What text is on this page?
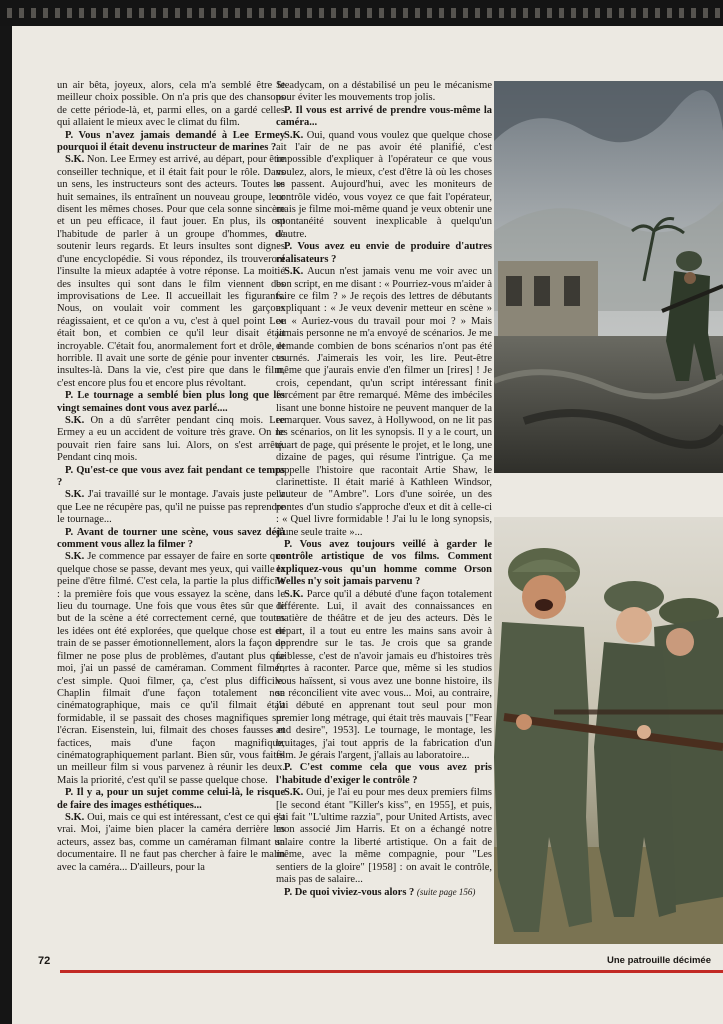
un air bêta, joyeux, alors, cela m'a semblé être le meilleur choix possible. On n'a pris que des chansons de cette période-là, et, parmi elles, on a gardé celles qui allaient le mieux avec le climat du film.

P. Vous n'avez jamais demandé à Lee Ermey pourquoi il était devenu instructeur de marines ?

S.K. Non. Lee Ermey est arrivé, au départ, pour être conseiller technique, et il était fait pour le rôle. Dans un sens, les instructeurs sont des acteurs. Toutes les huit semaines, ils entraînent un nouveau groupe, leur disent les mêmes choses. Pour que cela sonne sincère et un peu efficace, il faut jouer. En plus, ils ont l'habitude de parler à un groupe d'hommes, de soutenir leurs regards. Et leurs insultes sont dignes d'une encyclopédie. Si vous répondez, ils trouveront l'insulte la mieux adaptée à votre réponse. La moitié des insultes qui sont dans le film viennent des improvisations de Lee. Il accueillait les figurants. Nous, on voulait voir comment les garçons réagissaient, et ce qu'on a vu, c'est à quel point Lee était bon, et combien ce qu'il leur disait était incroyable. C'était fou, anormalement fort et drôle, et horrible. Il avait une sorte de génie pour inventer ces insultes-là. Dans la vie, c'est pire que dans le film, c'est encore plus fou et encore plus révoltant.

P. Le tournage a semblé bien plus long que les vingt semaines dont vous avez parlé....

S.K. On a dû s'arrêter pendant cinq mois. Lee Ermey a eu un accident de voiture très grave. On ne pouvait rien faire sans lui. Alors, on s'est arrêté. Pendant cinq mois.

P. Qu'est-ce que vous avez fait pendant ce temps ?

S.K. J'ai travaillé sur le montage. J'avais juste peur que Lee ne récupère pas, qu'il ne puisse pas reprendre le tournage...

P. Avant de tourner une scène, vous savez déjà comment vous allez la filmer ?

S.K. Je commence par essayer de faire en sorte que quelque chose se passe, devant mes yeux, qui vaille la peine d'être filmé. C'est cela, la partie la plus difficile : la première fois que vous essayez la scène, dans le lieu du tournage. Une fois que vous êtes sûr que le but de la scène a été correctement cerné, que toutes les idées ont été explorées, que quelque chose est en train de se passer émotionnellement, alors la façon de filmer ne pose plus de problèmes, d'autant plus que moi, j'ai un passé de caméraman. Comment filmer, c'est simple. Quoi filmer, ça, c'est plus difficile. Chaplin filmait d'une façon totalement non cinématographique, mais ce qu'il filmait était formidable, il se passait des choses magnifiques sur l'écran. Eisenstein, lui, filmait des choses fausses et factices, mais d'une façon magnifique, cinématographiquement parlant. Bien sûr, vous faites un meilleur film si vous parvenez à réunir les deux. Mais la priorité, c'est qu'il se passe quelque chose.

P. Il y a, pour un sujet comme celui-là, le risque de faire des images esthétiques...

S.K. Oui, mais ce qui est intéressant, c'est ce qui est vrai. Moi, j'aime bien placer la caméra derrière les acteurs, assez bas, comme un caméraman filmant un documentaire. Il ne faut pas chercher à faire le malin avec la caméra... D'ailleurs, pour la

Steadycam, on a déstabilisé un peu le mécanisme pour éviter les mouvements trop jolis.

P. Il vous est arrivé de prendre vous-même la caméra...

S.K. Oui, quand vous voulez que quelque chose ait l'air de ne pas avoir été planifié, c'est impossible d'expliquer à l'opérateur ce que vous voulez, alors, le mieux, c'est d'être là où les choses se passent. Aujourd'hui, avec les moniteurs de contrôle vidéo, vous voyez ce que fait l'opérateur, mais je filme moi-même quand je veux obtenir une spontanéité souvent inexplicable à quelqu'un d'autre.

P. Vous avez eu envie de produire d'autres réalisateurs ?

S.K. Aucun n'est jamais venu me voir avec un bon script, en me disant : « Pourriez-vous m'aider à faire ce film ? » Je reçois des lettres de débutants expliquant : « Je veux devenir metteur en scène » ou « Auriez-vous du travail pour moi ? » Mais jamais personne ne m'a envoyé de scénarios. Je me demande combien de bons scénarios n'ont pas été tournés. J'aimerais les voir, les lire. Peut-être même que j'aurais envie d'en filmer un [rires] ! Je crois, cependant, qu'un script intéressant finit forcément par être remarqué. Même des imbéciles lisant une bonne histoire ne peuvent manquer de la remarquer. Vous savez, à Hollywood, on ne lit pas les scénarios, on lit les synopsis. Il y a le court, un quart de page, qui présente le projet, et le long, une dizaine de pages, qui résume l'intrigue. Ça me rappelle l'histoire que racontait Artie Shaw, le clarinettiste. Il était marié à Kathleen Windsor, l'auteur de "Ambre". Lors d'une soirée, un des pontes d'un studio s'approche d'eux et dit à celle-ci : « Quel livre formidable ! J'ai lu le long synopsis, d'une seule traite »...

P. Vous avez toujours veillé à garder le contrôle artistique de vos films. Comment expliquez-vous qu'un homme comme Orson Welles n'y soit jamais parvenu ?

S.K. Parce qu'il a débuté d'une façon totalement différente. Lui, il avait des connaissances en matière de théâtre et de jeu des acteurs. Dès le départ, il a tout eu entre les mains sans avoir à apprendre sur le tas. Je crois que sa grande faiblesse, c'est de n'avoir jamais eu d'histoires très fortes à raconter. Parce que, même si les studios vous haïssent, si vous avez une bonne histoire, ils se réconcilient vite avec vous... Moi, au contraire, j'ai débuté en apprenant tout seul pour mon premier long métrage, qui était très mauvais ["Fear and desire", 1953]. Le tournage, le montage, les bruitages, j'ai tout appris de la fabrication d'un film. Je gérais l'argent, j'allais au laboratoire...

P. C'est comme cela que vous avez pris l'habitude d'exiger le contrôle ?

S.K. Oui, je l'ai eu pour mes deux premiers films [le second étant "Killer's kiss", en 1955], et puis, j'ai fait "L'ultime razzia", pour United Artists, avec mon associé Jim Harris. Et on a échangé notre salaire contre la liberté artistique. On a fait de même, avec la même compagnie, pour "Les sentiers de la gloire" [1958] : on avait le contrôle, mais pas de salaire...

P. De quoi viviez-vous alors ? (suite page 156)

72	Une patrouille décimée
